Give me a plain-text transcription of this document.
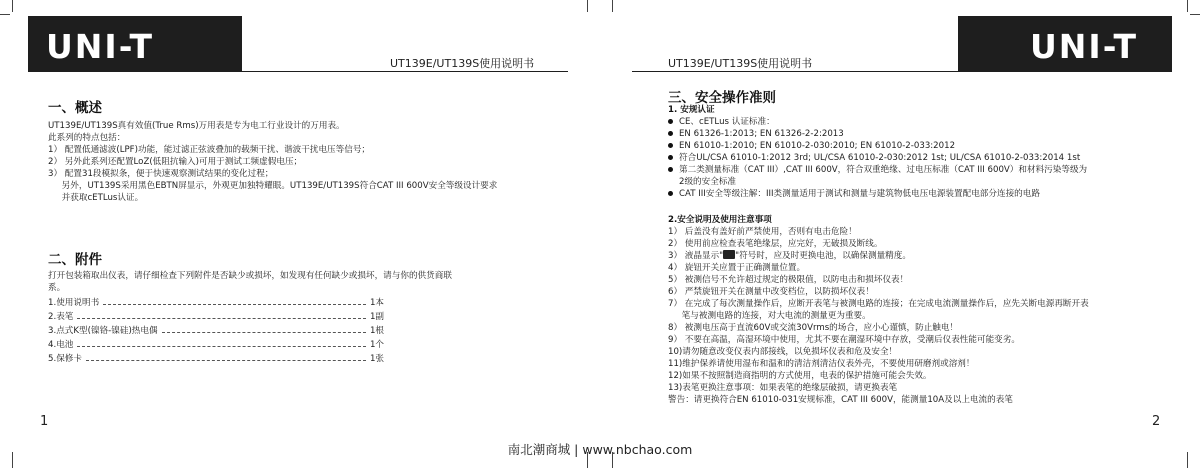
UNI-T	UT139E/UT139S使用说明书
一、概述
UT139E/UT139S真有效值(True Rms)万用表是专为电工行业设计的万用表。
此系列的特点包括：
1） 配置低通滤波(LPF)功能，能过滤正弦波叠加的载频干扰、谐波干扰电压等信号；
2） 另外此系列还配置LoZ(低阻抗输入)可用于测试工频虚假电压；
3） 配置31段模拟条，便于快速观察测试结果的变化过程；
另外，UT139S采用黑色EBTN屏显示，外观更加独特耀眼。UT139E/UT139S符合CAT III 600V安全等级设计要求
并获取cETLus认证。
二、附件
打开包装箱取出仪表，请仔细检查下列附件是否缺少或损坏，如发现有任何缺少或损坏，请与你的供货商联
系。
1.使用说明书	1本
2.表笔	1副
3.点式K型(镍铬-镍硅)热电偶	1根
4.电池	1个
5.保修卡	1张
1
UNI-T
UT139E/UT139S使用说明书
三、安全操作准则
1. 安规认证
CE、cETLus 认证标准：
EN 61326-1:2013; EN 61326-2-2:2013
EN 61010-1:2010; EN 61010-2-030:2010; EN 61010-2-033:2012
符合UL/CSA 61010-1:2012 3rd; UL/CSA 61010-2-030:2012 1st; UL/CSA 61010-2-033:2014 1st
第二类测量标准（CAT III）,CAT III 600V，符合双重绝缘、过电压标准（CAT III 600V）和材料污染等级为
2级的安全标准
CAT III安全等级注解：III类测量适用于测试和测量与建筑物低电压电源装置配电部分连接的电路
2.安全说明及使用注意事项
1） 后盖没有盖好前严禁使用，否则有电击危险！
2） 使用前应检查表笔绝缘层，应完好，无破损及断线。
3） 液晶显示" "符号时，应及时更换电池，以确保测量精度。
4） 旋钮开关应置于正确测量位置。
5） 被测信号不允许超过规定的极限值，以防电击和损坏仪表！
6） 严禁旋钮开关在测量中改变档位，以防损坏仪表！
7） 在完成了每次测量操作后，应断开表笔与被测电路的连接；在完成电流测量操作后，应先关断电源再断开表
笔与被测电路的连接，对大电流的测量更为重要。
8） 被测电压高于直流60V或交流30Vrms的场合，应小心谨慎，防止触电！
9） 不要在高温，高湿环境中使用，尤其不要在潮湿环境中存放，受潮后仪表性能可能变劣。
10)请勿随意改变仪表内部接线，以免损坏仪表和危及安全！
11)维护保养请使用湿布和温和的清洁剂清洁仪表外壳，不要使用研磨剂或溶剂！
12)如果不按照制造商指明的方式使用，电表的保护措施可能会失效。
13)表笔更换注意事项：如果表笔的绝缘层破损，请更换表笔
警告：请更换符合EN 61010-031安规标准，CAT III 600V，能测量10A及以上电流的表笔
2
南北潮商城 | www.nbchao.com
